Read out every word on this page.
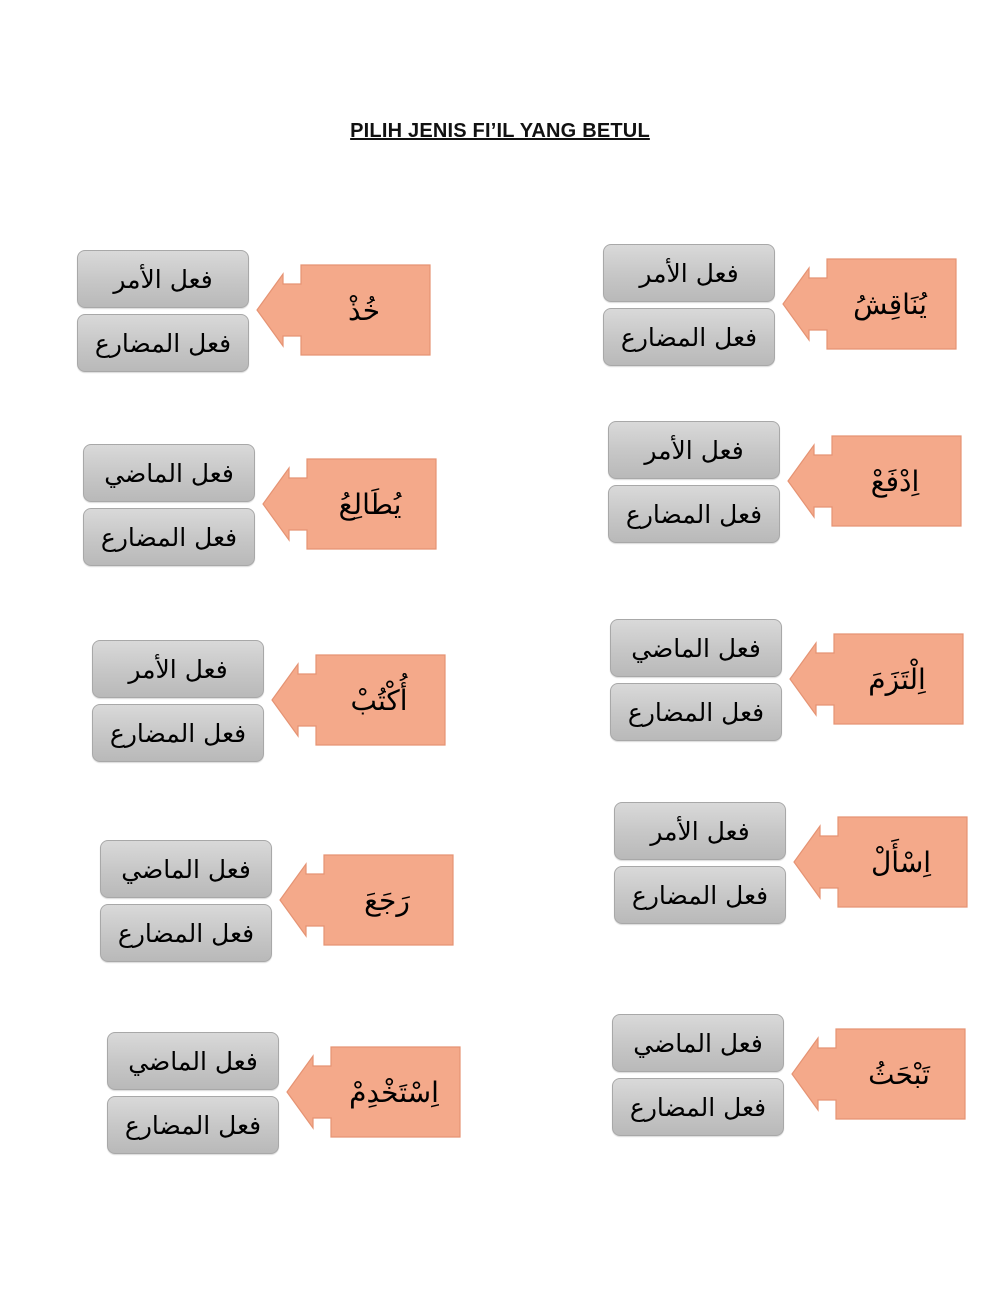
PILIH JENIS FI’IL YANG BETUL
فعل الأمر
فعل المضارع
يُنَاقِشُ
فعل الأمر
فعل المضارع
خُذْ
فعل الأمر
فعل المضارع
اِدْفَعْ
فعل الماضي
فعل المضارع
يُطَالِعُ
فعل الماضي
فعل المضارع
اِلْتَزَمَ
فعل الأمر
فعل المضارع
أُكْتُبْ
فعل الأمر
فعل المضارع
اِسْأَلْ
فعل الماضي
فعل المضارع
رَجَعَ
فعل الماضي
فعل المضارع
تَبْحَثُ
فعل الماضي
فعل المضارع
اِسْتَخْدِمْ
